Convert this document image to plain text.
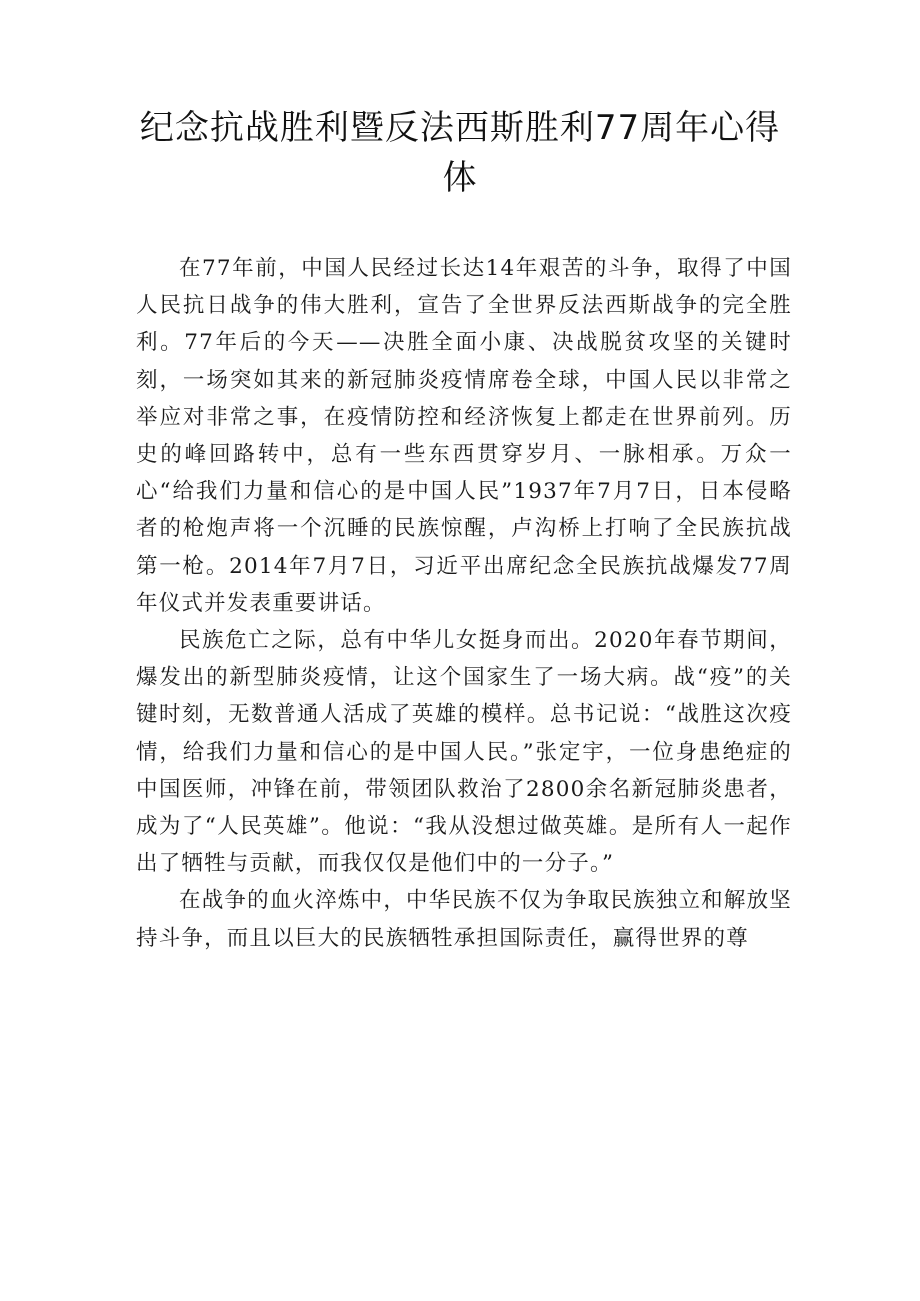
纪念抗战胜利暨反法西斯胜利77周年心得体

在77年前，中国人民经过长达14年艰苦的斗争，取得了中国人民抗日战争的伟大胜利，宣告了全世界反法西斯战争的完全胜利。77年后的今天——决胜全面小康、决战脱贫攻坚的关键时刻，一场突如其来的新冠肺炎疫情席卷全球，中国人民以非常之举应对非常之事，在疫情防控和经济恢复上都走在世界前列。历史的峰回路转中，总有一些东西贯穿岁月、一脉相承。万众一心“给我们力量和信心的是中国人民”1937年7月7日，日本侵略者的枪炮声将一个沉睡的民族惊醒，卢沟桥上打响了全民族抗战第一枪。2014年7月7日，习近平出席纪念全民族抗战爆发77周年仪式并发表重要讲话。

民族危亡之际，总有中华儿女挺身而出。2020年春节期间，爆发出的新型肺炎疫情，让这个国家生了一场大病。战“疫”的关键时刻，无数普通人活成了英雄的模样。总书记说：“战胜这次疫情，给我们力量和信心的是中国人民。”张定宇，一位身患绝症的中国医师，冲锋在前，带领团队救治了2800余名新冠肺炎患者，成为了“人民英雄”。他说：“我从没想过做英雄。是所有人一起作出了牺牲与贡献，而我仅仅是他们中的一分子。”

在战争的血火淬炼中，中华民族不仅为争取民族独立和解放坚持斗争，而且以巨大的民族牺牲承担国际责任，赢得世界的尊
